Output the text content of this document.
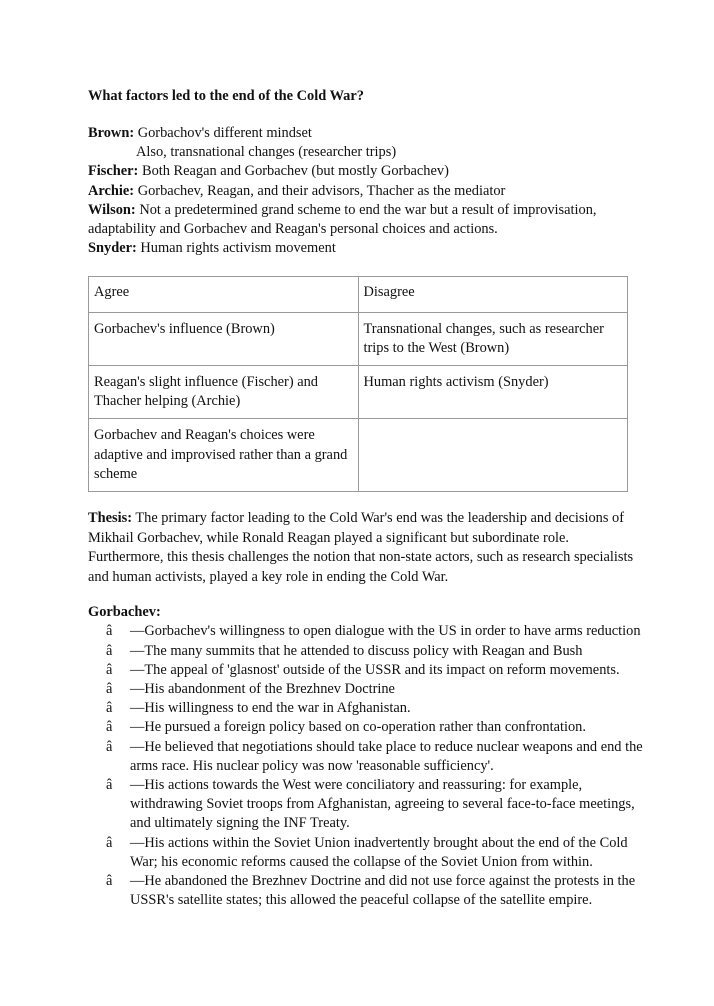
What factors led to the end of the Cold War?
Brown: Gorbachov's different mindset
Also, transnational changes (researcher trips)
Fischer: Both Reagan and Gorbachev (but mostly Gorbachev)
Archie: Gorbachev, Reagan, and their advisors, Thacher as the mediator
Wilson: Not a predetermined grand scheme to end the war but a result of improvisation, adaptability and Gorbachev and Reagan's personal choices and actions.
Snyder: Human rights activism movement
Agree	Disagree
Gorbachev's influence (Brown)	Transnational changes, such as researcher trips to the West (Brown)
Reagan's slight influence (Fischer) and Thacher helping (Archie)	Human rights activism (Snyder)
Gorbachev and Reagan's choices were adaptive and improvised rather than a grand scheme	
Thesis: The primary factor leading to the Cold War's end was the leadership and decisions of Mikhail Gorbachev, while Ronald Reagan played a significant but subordinate role. Furthermore, this thesis challenges the notion that non-state actors, such as research specialists and human activists, played a key role in ending the Cold War.
Gorbachev:
â —Gorbachev's willingness to open dialogue with the US in order to have arms reduction
â —The many summits that he attended to discuss policy with Reagan and Bush
â —The appeal of 'glasnost' outside of the USSR and its impact on reform movements.
â —His abandonment of the Brezhnev Doctrine
â —His willingness to end the war in Afghanistan.
â —He pursued a foreign policy based on co-operation rather than confrontation.
â —He believed that negotiations should take place to reduce nuclear weapons and end the arms race. His nuclear policy was now 'reasonable sufficiency'.
â —His actions towards the West were conciliatory and reassuring: for example, withdrawing Soviet troops from Afghanistan, agreeing to several face-to-face meetings, and ultimately signing the INF Treaty.
â —His actions within the Soviet Union inadvertently brought about the end of the Cold War; his economic reforms caused the collapse of the Soviet Union from within.
â —He abandoned the Brezhnev Doctrine and did not use force against the protests in the USSR's satellite states; this allowed the peaceful collapse of the satellite empire.
